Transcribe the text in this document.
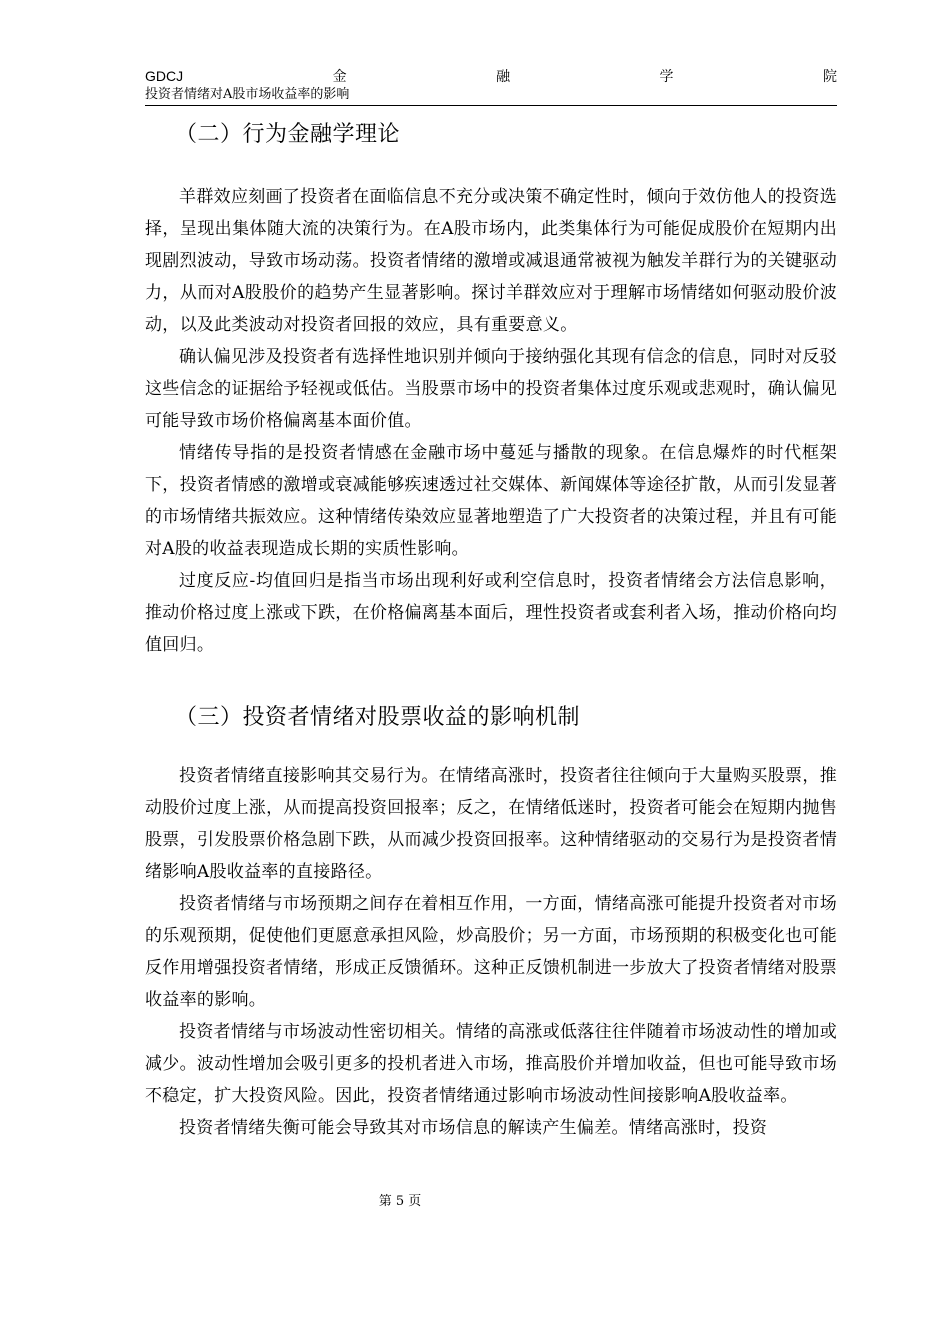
GDCJ	金	融	学	院
投资者情绪对A股市场收益率的影响
（二）行为金融学理论

羊群效应刻画了投资者在面临信息不充分或决策不确定性时，倾向于效仿他人的投资选择，呈现出集体随大流的决策行为。在A股市场内，此类集体行为可能促成股价在短期内出现剧烈波动，导致市场动荡。投资者情绪的激增或减退通常被视为触发羊群行为的关键驱动力，从而对A股股价的趋势产生显著影响。探讨羊群效应对于理解市场情绪如何驱动股价波动，以及此类波动对投资者回报的效应，具有重要意义。

确认偏见涉及投资者有选择性地识别并倾向于接纳强化其现有信念的信息，同时对反驳这些信念的证据给予轻视或低估。当股票市场中的投资者集体过度乐观或悲观时，确认偏见可能导致市场价格偏离基本面价值。

情绪传导指的是投资者情感在金融市场中蔓延与播散的现象。在信息爆炸的时代框架下，投资者情感的激增或衰减能够疾速透过社交媒体、新闻媒体等途径扩散，从而引发显著的市场情绪共振效应。这种情绪传染效应显著地塑造了广大投资者的决策过程，并且有可能对A股的收益表现造成长期的实质性影响。

过度反应-均值回归是指当市场出现利好或利空信息时，投资者情绪会方法信息影响，推动价格过度上涨或下跌，在价格偏离基本面后，理性投资者或套利者入场，推动价格向均值回归。

（三）投资者情绪对股票收益的影响机制

投资者情绪直接影响其交易行为。在情绪高涨时，投资者往往倾向于大量购买股票，推动股价过度上涨，从而提高投资回报率；反之，在情绪低迷时，投资者可能会在短期内抛售股票，引发股票价格急剧下跌，从而减少投资回报率。这种情绪驱动的交易行为是投资者情绪影响A股收益率的直接路径。

投资者情绪与市场预期之间存在着相互作用，一方面，情绪高涨可能提升投资者对市场的乐观预期，促使他们更愿意承担风险，炒高股价；另一方面，市场预期的积极变化也可能反作用增强投资者情绪，形成正反馈循环。这种正反馈机制进一步放大了投资者情绪对股票收益率的影响。

投资者情绪与市场波动性密切相关。情绪的高涨或低落往往伴随着市场波动性的增加或减少。波动性增加会吸引更多的投机者进入市场，推高股价并增加收益，但也可能导致市场不稳定，扩大投资风险。因此，投资者情绪通过影响市场波动性间接影响A股收益率。

投资者情绪失衡可能会导致其对市场信息的解读产生偏差。情绪高涨时，投资

第 5 页
